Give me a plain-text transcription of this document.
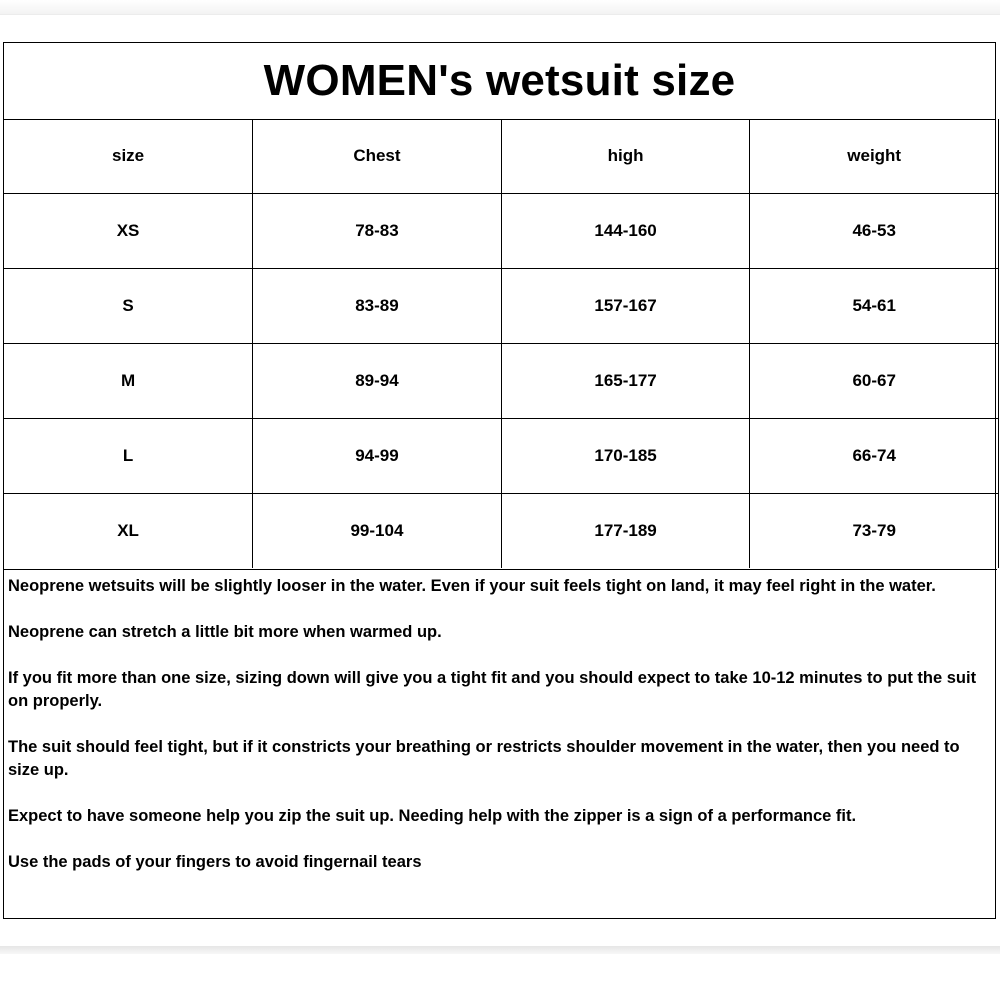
WOMEN's wetsuit size
size	Chest	high	weight
XS	78-83	144-160	46-53
S	83-89	157-167	54-61
M	89-94	165-177	60-67
L	94-99	170-185	66-74
XL	99-104	177-189	73-79

Neoprene wetsuits will be slightly looser in the water. Even if your suit feels tight on land, it may feel right in the water.

Neoprene can stretch a little bit more when warmed up.

If you fit more than one size, sizing down will give you a tight fit and you should expect to take 10-12 minutes to put the suit on properly.

The suit should feel tight, but if it constricts your breathing or restricts shoulder movement in the water, then you need to size up.

Expect to have someone help you zip the suit up. Needing help with the zipper is a sign of a performance fit.

Use the pads of your fingers to avoid fingernail tears
